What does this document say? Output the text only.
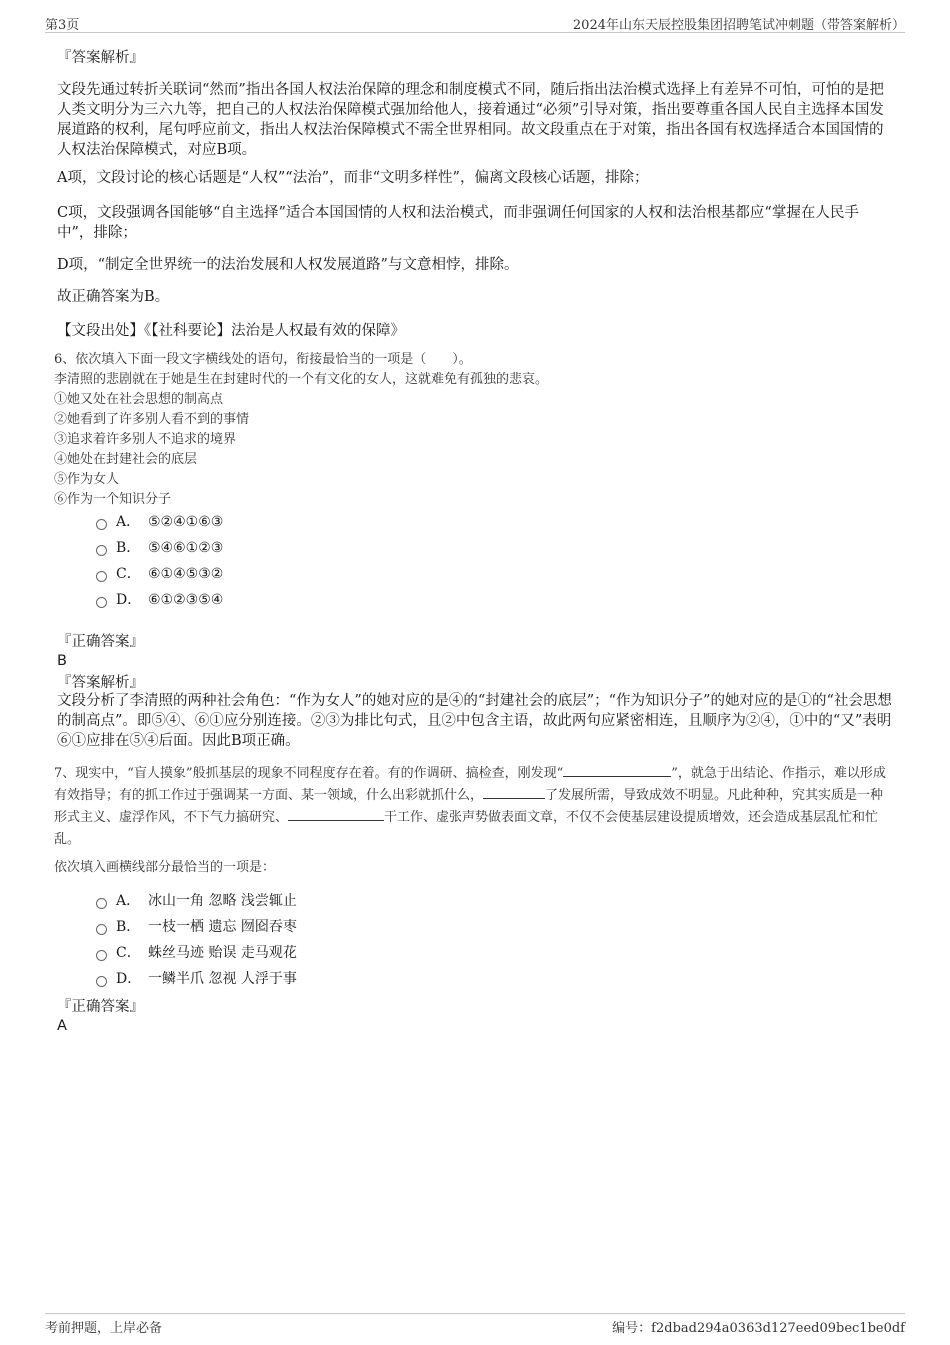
第3页	2024年山东天辰控股集团招聘笔试冲刺题（带答案解析）
『答案解析』
文段先通过转折关联词“然而”指出各国人权法治保障的理念和制度模式不同，随后指出法治模式选择上有差异不可怕，可怕的是把人类文明分为三六九等，把自己的人权法治保障模式强加给他人，接着通过“必须”引导对策，指出要尊重各国人民自主选择本国发展道路的权利，尾句呼应前文，指出人权法治保障模式不需全世界相同。故文段重点在于对策，指出各国有权选择适合本国国情的人权法治保障模式，对应B项。
A项，文段讨论的核心话题是“人权”“法治”，而非“文明多样性”，偏离文段核心话题，排除；
C项，文段强调各国能够“自主选择”适合本国国情的人权和法治模式，而非强调任何国家的人权和法治根基都应“掌握在人民手中”，排除；
D项，“制定全世界统一的法治发展和人权发展道路”与文意相悖，排除。
故正确答案为B。
【文段出处】《【社科要论】法治是人权最有效的保障》
6、依次填入下面一段文字横线处的语句，衔接最恰当的一项是（　　）。
李清照的悲剧就在于她是生在封建时代的一个有文化的女人，这就难免有孤独的悲哀。
①她又处在社会思想的制高点
②她看到了许多别人看不到的事情
③追求着许多别人不追求的境界
④她处在封建社会的底层
⑤作为女人
⑥作为一个知识分子
A． ⑤②④①⑥③
B． ⑤④⑥①②③
C． ⑥①④⑤③②
D． ⑥①②③⑤④
『正确答案』
B
『答案解析』
文段分析了李清照的两种社会角色：“作为女人”的她对应的是④的“封建社会的底层”；“作为知识分子”的她对应的是①的“社会思想的制高点”。即⑤④、⑥①应分别连接。②③为排比句式，且②中包含主语，故此两句应紧密相连，且顺序为②④，①中的“又”表明⑥①应排在⑤④后面。因此B项正确。
7、现实中，“盲人摸象”般抓基层的现象不同程度存在着。有的作调研、搞检查，刚发现“	”，就急于出结论、作指示，难以形成有效指导；有的抓工作过于强调某一方面、某一领域，什么出彩就抓什么，	了发展所需，导致成效不明显。凡此种种，究其实质是一种形式主义、虚浮作风，不下气力搞研究、	干工作、虚张声势做表面文章，不仅不会使基层建设提质增效，还会造成基层乱忙和忙乱。
依次填入画横线部分最恰当的一项是：
A． 冰山一角 忽略 浅尝辄止
B． 一枝一栖 遗忘 囫囵吞枣
C． 蛛丝马迹 贻误 走马观花
D． 一鳞半爪 忽视 人浮于事
『正确答案』
A
考前押题，上岸必备	编号：f2dbad294a0363d127eed09bec1be0df
